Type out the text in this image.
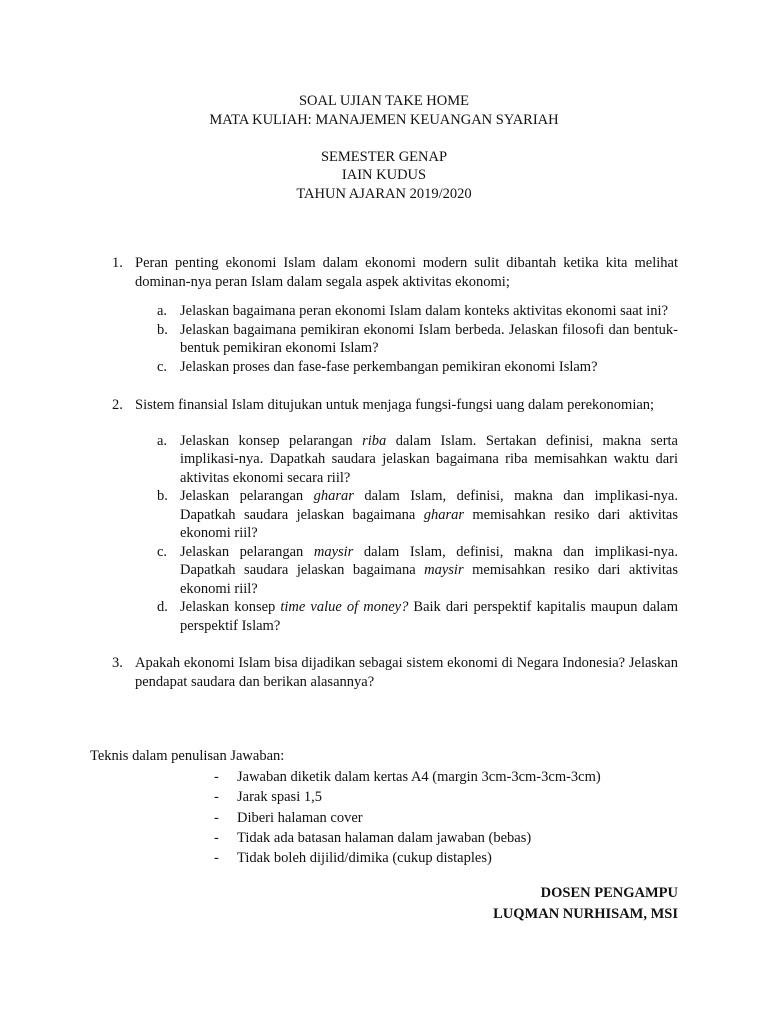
SOAL UJIAN TAKE HOME
MATA KULIAH: MANAJEMEN KEUANGAN SYARIAH
SEMESTER GENAP
IAIN KUDUS
TAHUN AJARAN 2019/2020
1. Peran penting ekonomi Islam dalam ekonomi modern sulit dibantah ketika kita melihat dominan-nya peran Islam dalam segala aspek aktivitas ekonomi;
a. Jelaskan bagaimana peran ekonomi Islam dalam konteks aktivitas ekonomi saat ini?
b. Jelaskan bagaimana pemikiran ekonomi Islam berbeda. Jelaskan filosofi dan bentuk-bentuk pemikiran ekonomi Islam?
c. Jelaskan proses dan fase-fase perkembangan pemikiran ekonomi Islam?
2. Sistem finansial Islam ditujukan untuk menjaga fungsi-fungsi uang dalam perekonomian;
a. Jelaskan konsep pelarangan riba dalam Islam. Sertakan definisi, makna serta implikasi-nya. Dapatkah saudara jelaskan bagaimana riba memisahkan waktu dari aktivitas ekonomi secara riil?
b. Jelaskan pelarangan gharar dalam Islam, definisi, makna dan implikasi-nya. Dapatkah saudara jelaskan bagaimana gharar memisahkan resiko dari aktivitas ekonomi riil?
c. Jelaskan pelarangan maysir dalam Islam, definisi, makna dan implikasi-nya. Dapatkah saudara jelaskan bagaimana maysir memisahkan resiko dari aktivitas ekonomi riil?
d. Jelaskan konsep time value of money? Baik dari perspektif kapitalis maupun dalam perspektif Islam?
3. Apakah ekonomi Islam bisa dijadikan sebagai sistem ekonomi di Negara Indonesia? Jelaskan pendapat saudara dan berikan alasannya?
Teknis dalam penulisan Jawaban:
- Jawaban diketik dalam kertas A4 (margin 3cm-3cm-3cm-3cm)
- Jarak spasi 1,5
- Diberi halaman cover
- Tidak ada batasan halaman dalam jawaban (bebas)
- Tidak boleh dijilid/dimika (cukup distaples)
DOSEN PENGAMPU
LUQMAN NURHISAM, MSI
